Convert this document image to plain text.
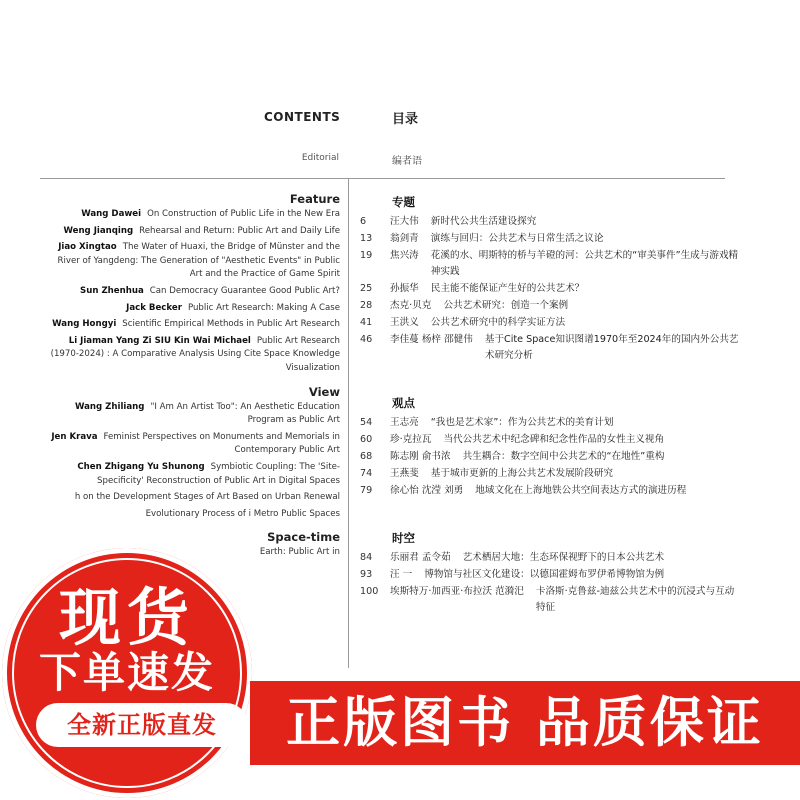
CONTENTS	目录
Editorial	编者语
Feature
Wang Dawei On Construction of Public Life in the New Era
Weng Jianqing Rehearsal and Return: Public Art and Daily Life
Jiao Xingtao The Water of Huaxi, the Bridge of Münster and the River of Yangdeng: The Generation of "Aesthetic Events" in Public Art and the Practice of Game Spirit
Sun Zhenhua Can Democracy Guarantee Good Public Art?
Jack Becker Public Art Research: Making A Case
Wang Hongyi Scientific Empirical Methods in Public Art Research
Li Jiaman Yang Zi SIU Kin Wai Michael Public Art Research (1970-2024) : A Comparative Analysis Using Cite Space Knowledge Visualization
View
Wang Zhiliang "I Am An Artist Too": An Aesthetic Education Program as Public Art
Jen Krava Feminist Perspectives on Monuments and Memorials in Contemporary Public Art
Chen Zhigang Yu Shunong Symbiotic Coupling: The 'Site-Specificity' Reconstruction of Public Art in Digital Spaces
h on the Development Stages of Art Based on Urban Renewal
Evolutionary Process of i Metro Public Spaces
Space-time
Earth: Public Art in
专题
6	汪大伟 新时代公共生活建设探究
13	翁剑青 演练与回归：公共艺术与日常生活之议论
19	焦兴涛 花溪的水、明斯特的桥与羊磴的河：公共艺术的“审美事件”生成与游戏精神实践
25	孙振华 民主能不能保证产生好的公共艺术？
28	杰克·贝克 公共艺术研究：创造一个案例
41	王洪义 公共艺术研究中的科学实证方法
46	李佳蔓 杨梓 邵健伟 基于Cite Space知识图谱1970年至2024年的国内外公共艺术研究分析
观点
54	王志亮 “我也是艺术家”：作为公共艺术的美育计划
60	珍·克拉瓦 当代公共艺术中纪念碑和纪念性作品的女性主义视角
68	陈志刚 俞书浓 共生耦合：数字空间中公共艺术的“在地性”重构
74	王燕斐 基于城市更新的上海公共艺术发展阶段研究
79	徐心怡 沈滢 刘勇 地域文化在上海地铁公共空间表达方式的演进历程
时空
84	乐丽君 孟令茹 艺术栖居大地：生态环保视野下的日本公共艺术
93	汪 一 博物馆与社区文化建设：以德国霍姆布罗伊希博物馆为例
100	埃斯特万·加西亚·布拉沃 范漪汜 卡洛斯·克鲁兹-迪兹公共艺术中的沉浸式与互动特征
现货
下单速发
全新正版直发	正版图书 品质保证
